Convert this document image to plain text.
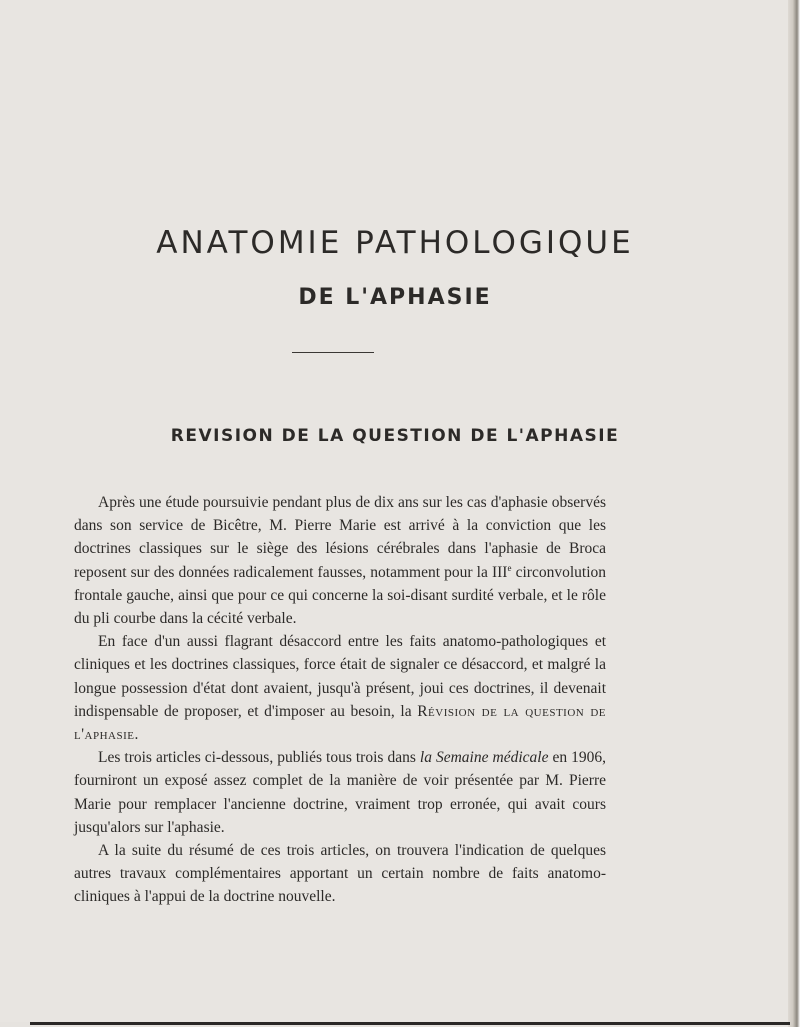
ANATOMIE PATHOLOGIQUE
DE L'APHASIE
REVISION DE LA QUESTION DE L'APHASIE

Après une étude poursuivie pendant plus de dix ans sur les cas d'aphasie observés dans son service de Bicêtre, M. Pierre Marie est arrivé à la conviction que les doctrines classiques sur le siège des lésions cérébrales dans l'aphasie de Broca reposent sur des données radicalement fausses, notamment pour la IIIe circonvolution frontale gauche, ainsi que pour ce qui concerne la soi-disant surdité verbale, et le rôle du pli courbe dans la cécité verbale.

En face d'un aussi flagrant désaccord entre les faits anatomo-pathologiques et cliniques et les doctrines classiques, force était de signaler ce désaccord, et malgré la longue possession d'état dont avaient, jusqu'à présent, joui ces doctrines, il devenait indispensable de proposer, et d'imposer au besoin, la Révision de la question de l'aphasie.

Les trois articles ci-dessous, publiés tous trois dans la Semaine médicale en 1906, fourniront un exposé assez complet de la manière de voir présentée par M. Pierre Marie pour remplacer l'ancienne doctrine, vraiment trop erronée, qui avait cours jusqu'alors sur l'aphasie.

A la suite du résumé de ces trois articles, on trouvera l'indication de quelques autres travaux complémentaires apportant un certain nombre de faits anatomo-cliniques à l'appui de la doctrine nouvelle.
